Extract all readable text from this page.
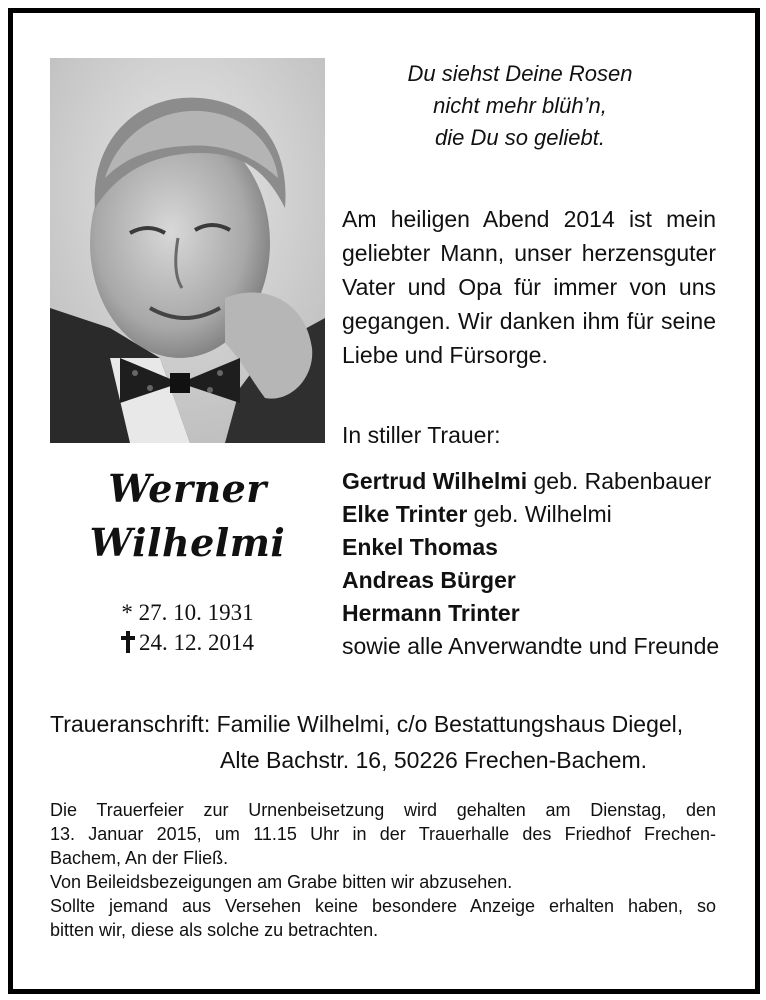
Du siehst Deine Rosen
nicht mehr blüh’n,
die Du so geliebt.
Am heiligen Abend 2014 ist mein
geliebter Mann, unser herzensguter
Vater und Opa für immer von uns
gegangen. Wir danken ihm für seine
Liebe und Fürsorge.
In stiller Trauer:
Gertrud Wilhelmi geb. Rabenbauer
Elke Trinter geb. Wilhelmi
Enkel Thomas
Andreas Bürger
Hermann Trinter
sowie alle Anverwandte und Freunde
Werner
Wilhelmi
* 27. 10. 1931
24. 12. 2014
Traueranschrift: Familie Wilhelmi, c/o Bestattungshaus Diegel,
Alte Bachstr. 16, 50226 Frechen-Bachem.
Die Trauerfeier zur Urnenbeisetzung wird gehalten am Dienstag, den
13. Januar 2015, um 11.15 Uhr in der Trauerhalle des Friedhof Frechen-
Bachem, An der Fließ.
Von Beileidsbezeigungen am Grabe bitten wir abzusehen.
Sollte jemand aus Versehen keine besondere Anzeige erhalten haben, so
bitten wir, diese als solche zu betrachten.
